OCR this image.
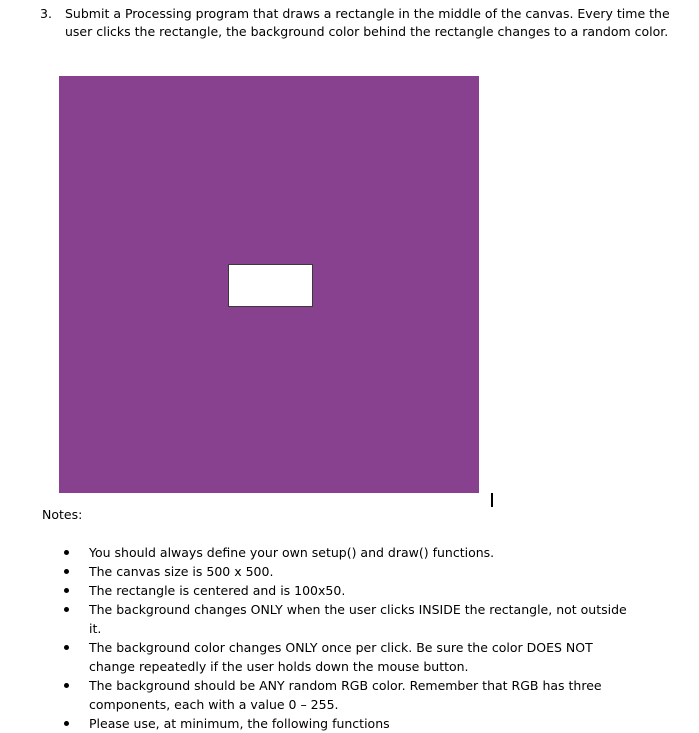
3. Submit a Processing program that draws a rectangle in the middle of the canvas. Every time the user clicks the rectangle, the background color behind the rectangle changes to a random color.
Notes:
You should always define your own setup() and draw() functions.
The canvas size is 500 x 500.
The rectangle is centered and is 100x50.
The background changes ONLY when the user clicks INSIDE the rectangle, not outside it.
The background color changes ONLY once per click. Be sure the color DOES NOT change repeatedly if the user holds down the mouse button.
The background should be ANY random RGB color. Remember that RGB has three components, each with a value 0 – 255.
Please use, at minimum, the following functions
